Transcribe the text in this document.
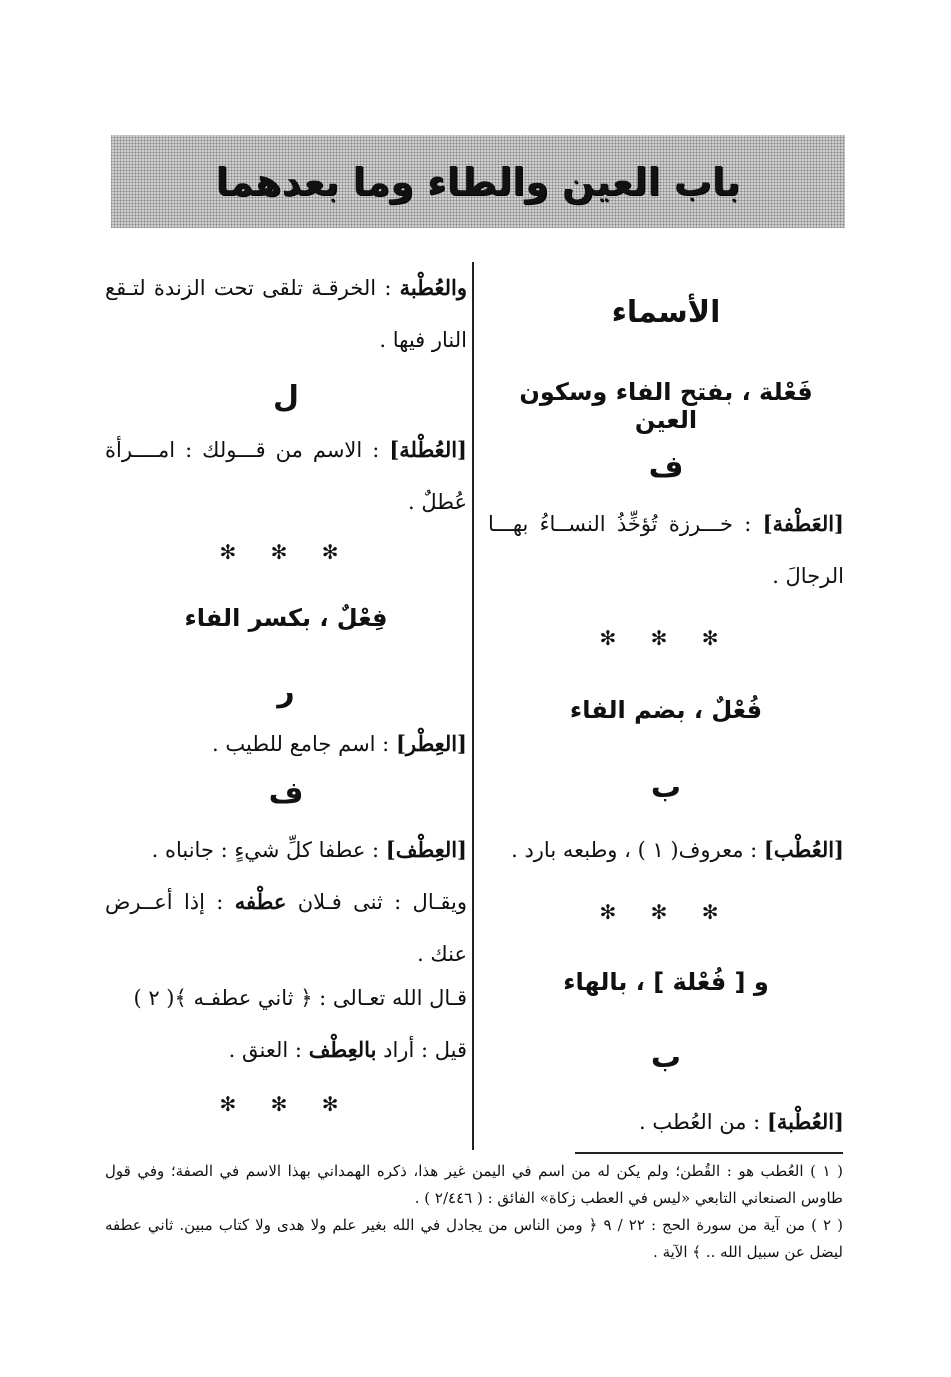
باب العين والطاء وما بعدهما

الأسماء

فَعْلة ، بفتح الفاء وسكون العين

ف

[العَطْفة] : خـــرزة تُؤخِّذُ النســاءُ بهـــا الرجالَ .

✻ ✻ ✻

فُعْلٌ ، بضم الفاء

ب

[العُطْب] : معروف( ١ ) ، وطبعه بارد .

✻ ✻ ✻

و [ فُعْلة ] ، بالهاء

ب

[العُطْبة] : من العُطب .

والعُطْبة : الخرقـة تلقى تحت الزندة لتـقع النار فيها .

ل

[العُطْلة] : الاسم من قـــولك : امــــرأة عُطلٌ .

✻ ✻ ✻

فِعْلٌ ، بكسر الفاء

ر

[العِطْر] : اسم جامع للطيب .

ف

[العِطْف] : عطفا كلِّ شيءٍ : جانباه .

ويقـال : ثنى فـلان عطْفه : إذا أعــرض عنك .

قـال الله تعـالى : ﴿ ثاني عطفـه ﴾( ٢ )

قيل : أراد بالعِطْف : العنق .

✻ ✻ ✻

( ١ ) العُطب هو : القُطن؛ ولم يكن له من اسم في اليمن غير هذا، ذكره الهمداني بهذا الاسم في الصفة؛ وفي قول طاوس الصنعاني التابعي «ليس في العطب زكاة» الفائق : ( ٢/٤٤٦ ) .

( ٢ ) من آية من سورة الحج : ٢٢ / ٩ ﴿ ومن الناس من يجادل في الله بغير علم ولا هدى ولا كتاب مبين. ثاني عطفه ليضل عن سبيل الله .. ﴾ الآية .
